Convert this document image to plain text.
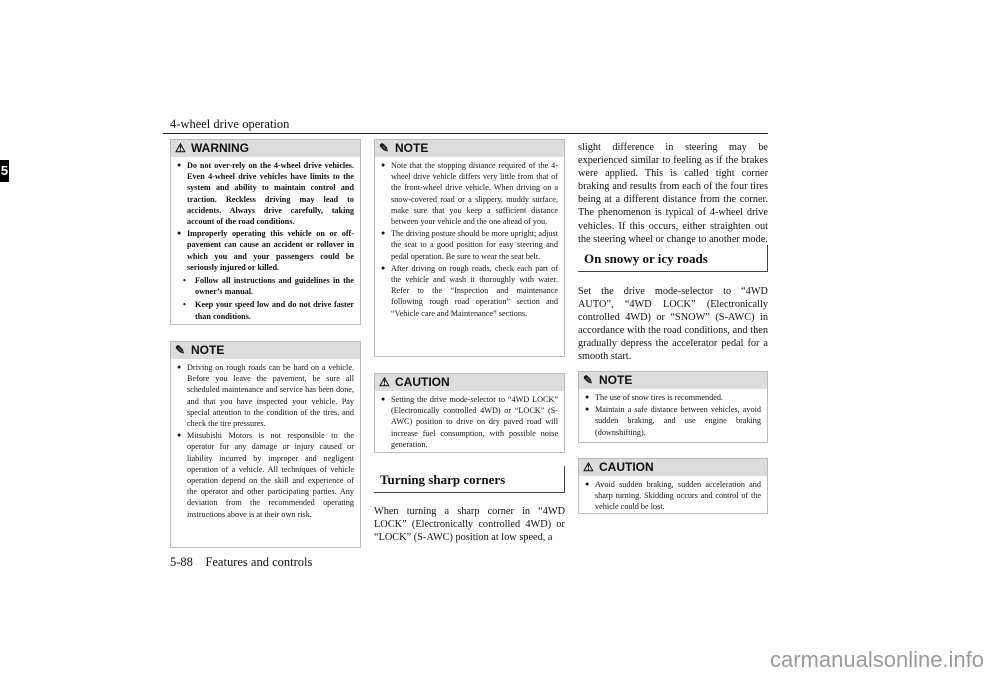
4-wheel drive operation
5
⚠ WARNING
● Do not over-rely on the 4-wheel drive vehicles. Even 4-wheel drive vehicles have limits to the system and ability to maintain control and traction. Reckless driving may lead to accidents. Always drive carefully, taking account of the road conditions.
● Improperly operating this vehicle on or off-pavement can cause an accident or rollover in which you and your passengers could be seriously injured or killed.
• Follow all instructions and guidelines in the owner’s manual.
• Keep your speed low and do not drive faster than conditions.
✎ NOTE
● Driving on rough roads can be hard on a vehicle. Before you leave the pavement, be sure all scheduled maintenance and service has been done, and that you have inspected your vehicle. Pay special attention to the condition of the tires, and check the tire pressures.
● Mitsubishi Motors is not responsible to the operator for any damage or injury caused or liability incurred by improper and negligent operation of a vehicle. All techniques of vehicle operation depend on the skill and experience of the operator and other participating parties. Any deviation from the recommended operating instructions above is at their own risk.
✎ NOTE
● Note that the stopping distance required of the 4-wheel drive vehicle differs very little from that of the front-wheel drive vehicle. When driving on a snow-covered road or a slippery, muddy surface, make sure that you keep a sufficient distance between your vehicle and the one ahead of you.
● The driving posture should be more upright; adjust the seat to a good position for easy steering and pedal operation. Be sure to wear the seat belt.
● After driving on rough roads, check each part of the vehicle and wash it thoroughly with water. Refer to the “Inspection and maintenance following rough road operation” section and “Vehicle care and Maintenance” sections.
⚠ CAUTION
● Setting the drive mode-selector to “4WD LOCK” (Electronically controlled 4WD) or “LOCK” (S-AWC) position to drive on dry paved road will increase fuel consumption, with possible noise generation.
Turning sharp corners
When turning a sharp corner in “4WD LOCK” (Electronically controlled 4WD) or “LOCK” (S-AWC) position at low speed, a
slight difference in steering may be experienced similar to feeling as if the brakes were applied. This is called tight corner braking and results from each of the four tires being at a different distance from the corner. The phenomenon is typical of 4-wheel drive vehicles. If this occurs, either straighten out the steering wheel or change to another mode.
On snowy or icy roads
Set the drive mode-selector to “4WD AUTO”, “4WD LOCK” (Electronically controlled 4WD) or “SNOW” (S-AWC) in accordance with the road conditions, and then gradually depress the accelerator pedal for a smooth start.
✎ NOTE
● The use of snow tires is recommended.
● Maintain a safe distance between vehicles, avoid sudden braking, and use engine braking (downshifting).
⚠ CAUTION
● Avoid sudden braking, sudden acceleration and sharp turning. Skidding occurs and control of the vehicle could be lost.
5-88 Features and controls
carmanualsonline.info
